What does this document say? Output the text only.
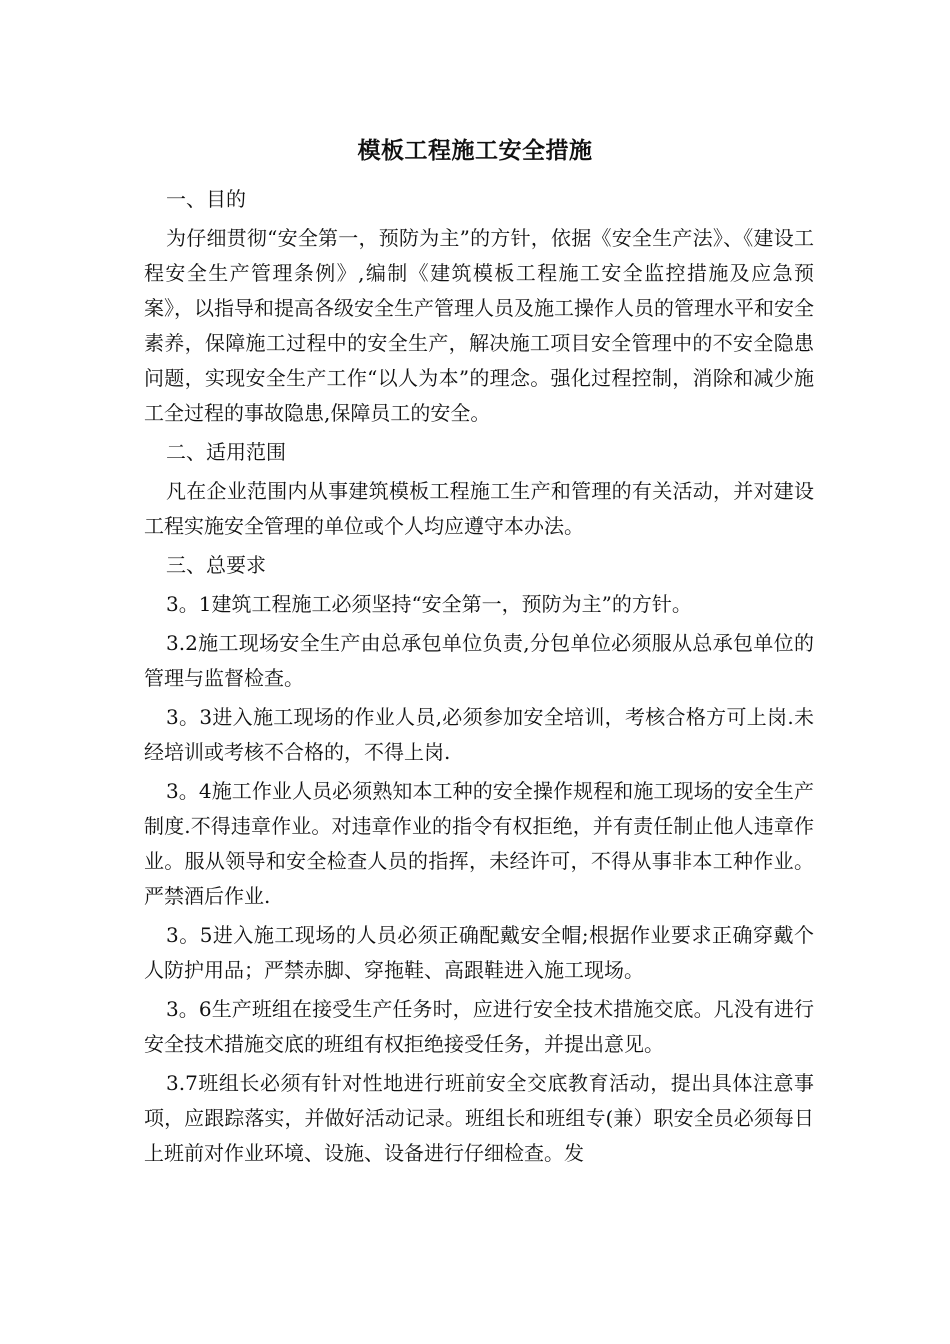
模板工程施工安全措施
一、目的

为仔细贯彻“安全第一，预防为主”的方针，依据《安全生产法》、《建设工程安全生产管理条例》,编制《建筑模板工程施工安全监控措施及应急预案》，以指导和提高各级安全生产管理人员及施工操作人员的管理水平和安全素养，保障施工过程中的安全生产，解决施工项目安全管理中的不安全隐患问题，实现安全生产工作“以人为本”的理念。强化过程控制，消除和减少施工全过程的事故隐患,保障员工的安全。

二、适用范围

凡在企业范围内从事建筑模板工程施工生产和管理的有关活动，并对建设工程实施安全管理的单位或个人均应遵守本办法。

三、总要求

3。1建筑工程施工必须坚持“安全第一，预防为主”的方针。

3.2施工现场安全生产由总承包单位负责,分包单位必须服从总承包单位的管理与监督检查。

3。3进入施工现场的作业人员,必须参加安全培训，考核合格方可上岗.未经培训或考核不合格的，不得上岗.

3。4施工作业人员必须熟知本工种的安全操作规程和施工现场的安全生产制度.不得违章作业。对违章作业的指令有权拒绝，并有责任制止他人违章作业。服从领导和安全检查人员的指挥，未经许可，不得从事非本工种作业。严禁酒后作业.

3。5进入施工现场的人员必须正确配戴安全帽;根据作业要求正确穿戴个人防护用品；严禁赤脚、穿拖鞋、高跟鞋进入施工现场。

3。6生产班组在接受生产任务时，应进行安全技术措施交底。凡没有进行安全技术措施交底的班组有权拒绝接受任务，并提出意见。

3.7班组长必须有针对性地进行班前安全交底教育活动，提出具体注意事项，应跟踪落实，并做好活动记录。班组长和班组专(兼）职安全员必须每日上班前对作业环境、设施、设备进行仔细检查。发
